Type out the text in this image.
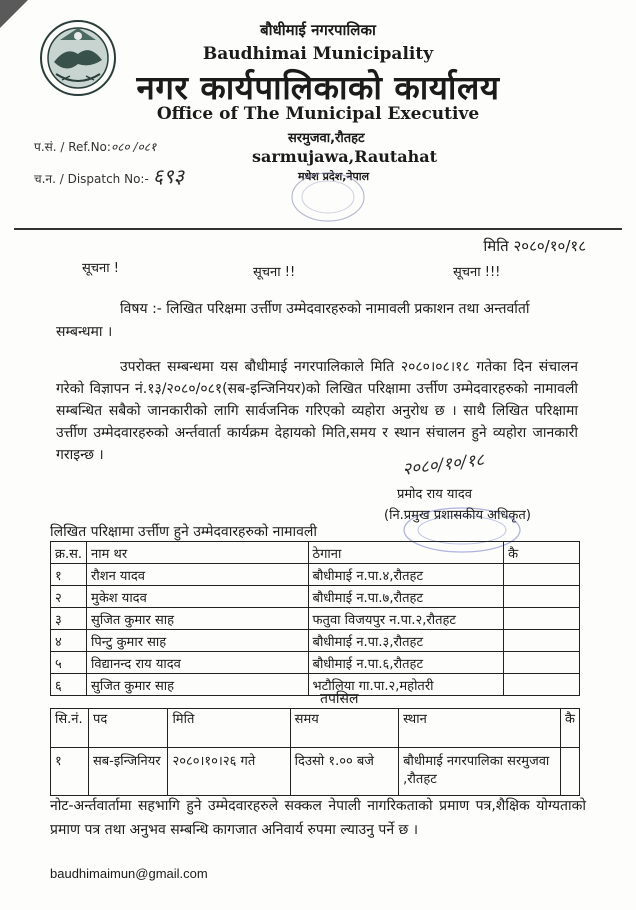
बौधीमाई नगरपालिका
Baudhimai Municipality
नगर कार्यपालिकाको कार्यालय
Office of The Municipal Executive
सरमुजवा,रौतहट
sarmujawa,Rautahat
मधेश प्रदेश,नेपाल
प.सं. / Ref.No:०८० /०८१
च.न. / Dispatch No:- ६९३
मिति २०८०/१०/१८
सूचना !	सूचना !!	सूचना !!!
विषय :- लिखित परिक्षमा उर्त्तीण उम्मेदवारहरुको नामावली प्रकाशन तथा अन्तर्वार्ता सम्बन्धमा ।
उपरोक्त सम्बन्धमा यस बौधीमाई नगरपालिकाले मिति २०८०।०८।१८ गतेका दिन संचालन गरेको विज्ञापन नं.१३/२०८०/०८१(सब-इन्जिनियर)को लिखित परिक्षामा उर्त्तीण उम्मेदवारहरुको नामावली सम्बन्धित सबैको जानकारीको लागि सार्वजनिक गरिएको व्यहोरा अनुरोध छ । साथै लिखित परिक्षामा उर्त्तीण उम्मेदवारहरुको अर्न्तवार्ता कार्यक्रम देहायको मिति,समय र स्थान संचालन हुने व्यहोरा जानकारी गराइन्छ ।	२०८०/१०/१८
प्रमोद राय यादव
(नि.प्रमुख प्रशासकीय अधिकृत)
लिखित परिक्षामा उर्त्तीण हुने उम्मेदवारहरुको नामावली
क्र.स.	नाम थर	ठेगाना	कै
१	रौशन यादव	बौधीमाई न.पा.४,रौतहट	
२	मुकेश यादव	बौधीमाई न.पा.७,रौतहट	
३	सुजित कुमार साह	फतुवा विजयपुर न.पा.२,रौतहट	
४	पिन्टु कुमार साह	बौधीमाई न.पा.३,रौतहट	
५	विद्यानन्द राय यादव	बौधीमाई न.पा.६,रौतहट	
६	सुजित कुमार साह	भटौलिया गा.पा.२,महोतरी	
तपसिल
सि.नं.	पद	मिति	समय	स्थान	कै
१	सब-इन्जिनियर	२०८०।१०।२६ गते	दिउसो १.०० बजे	बौधीमाई नगरपालिका सरमुजवा ,रौतहट	
नोट-अर्न्तवार्तामा सहभागि हुने उम्मेदवारहरुले सक्कल नेपाली नागरिकताको प्रमाण पत्र,शैक्षिक योग्यताको प्रमाण पत्र तथा अनुभव सम्बन्धि कागजात अनिवार्य रुपमा ल्याउनु पर्ने छ ।
baudhimaimun@gmail.com
